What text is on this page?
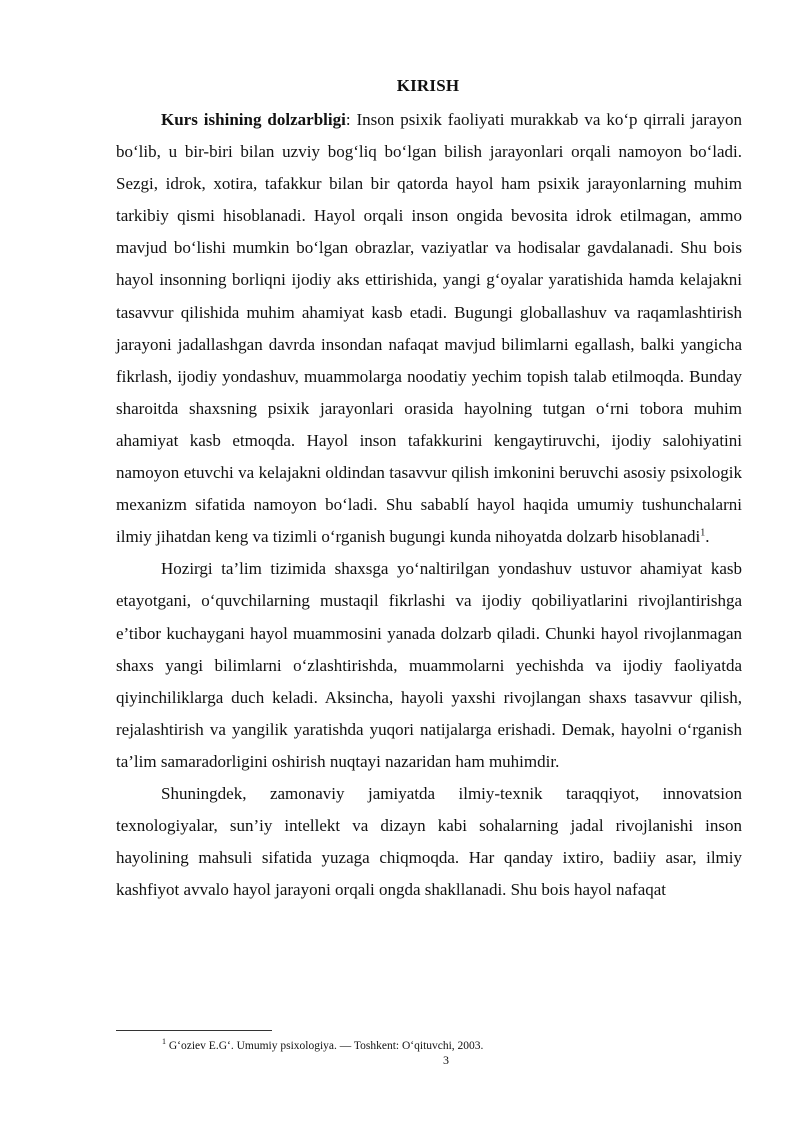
KIRISH

Kurs ishining dolzarbligi: Inson psixik faoliyati murakkab va ko‘p qirrali jarayon bo‘lib, u bir-biri bilan uzviy bog‘liq bo‘lgan bilish jarayonlari orqali namoyon bo‘ladi. Sezgi, idrok, xotira, tafakkur bilan bir qatorda hayol ham psixik jarayonlarning muhim tarkibiy qismi hisoblanadi. Hayol orqali inson ongida bevosita idrok etilmagan, ammo mavjud bo‘lishi mumkin bo‘lgan obrazlar, vaziyatlar va hodisalar gavdalanadi. Shu bois hayol insonning borliqni ijodiy aks ettirishida, yangi g‘oyalar yaratishida hamda kelajakni tasavvur qilishida muhim ahamiyat kasb etadi. Bugungi globallashuv va raqamlashtirish jarayoni jadallashgan davrda insondan nafaqat mavjud bilimlarni egallash, balki yangicha fikrlash, ijodiy yondashuv, muammolarga noodatiy yechim topish talab etilmoqda. Bunday sharoitda shaxsning psixik jarayonlari orasida hayolning tutgan o‘rni tobora muhim ahamiyat kasb etmoqda. Hayol inson tafakkurini kengaytiruvchi, ijodiy salohiyatini namoyon etuvchi va kelajakni oldindan tasavvur qilish imkonini beruvchi asosiy psixologik mexanizm sifatida namoyon bo‘ladi. Shu sabablí hayol haqida umumiy tushunchalarni ilmiy jihatdan keng va tizimli o‘rganish bugungi kunda nihoyatda dolzarb hisoblanadi$^1$.

Hozirgi ta’lim tizimida shaxsga yo‘naltirilgan yondashuv ustuvor ahamiyat kasb etayotgani, o‘quvchilarning mustaqil fikrlashi va ijodiy qobiliyatlarini rivojlantirishga e’tibor kuchaygani hayol muammosini yanada dolzarb qiladi. Chunki hayol rivojlanmagan shaxs yangi bilimlarni o‘zlashtirishda, muammolarni yechishda va ijodiy faoliyatda qiyinchiliklarga duch keladi. Aksincha, hayoli yaxshi rivojlangan shaxs tasavvur qilish, rejalashtirish va yangilik yaratishda yuqori natijalarga erishadi. Demak, hayolni o‘rganish ta’lim samaradorligini oshirish nuqtayi nazaridan ham muhimdir.

Shuningdek, zamonaviy jamiyatda ilmiy-texnik taraqqiyot, innovatsion texnologiyalar, sun’iy intellekt va dizayn kabi sohalarning jadal rivojlanishi inson hayolining mahsuli sifatida yuzaga chiqmoqda. Har qanday ixtiro, badiiy asar, ilmiy kashfiyot avvalo hayol jarayoni orqali ongda shakllanadi. Shu bois hayol nafaqat

$^1$ G‘oziev E.G‘. Umumiy psixologiya. — Toshkent: O‘qituvchi, 2003.
3
